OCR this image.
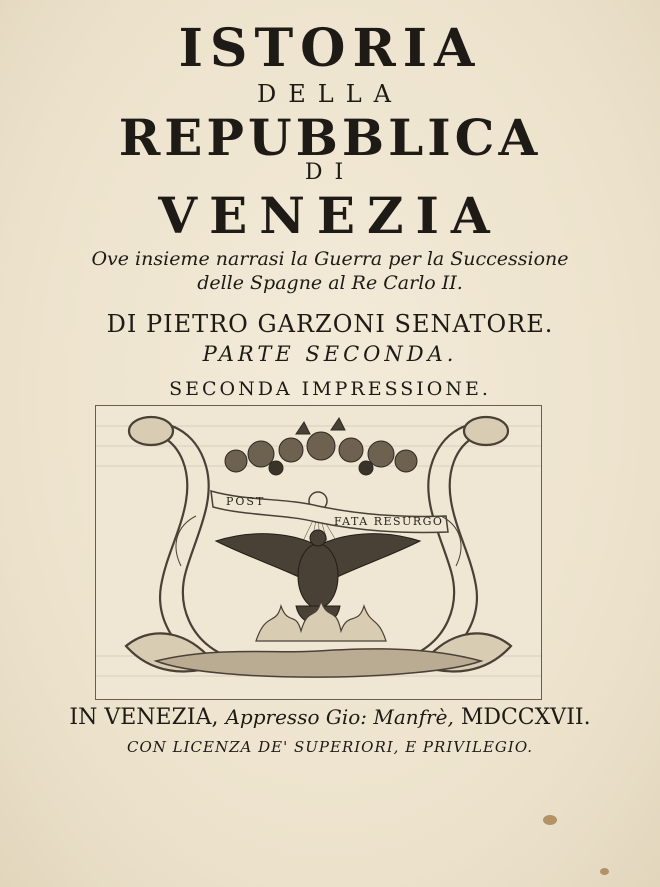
ISTORIA
DELLA
REPUBBLICA
DI
VENEZIA
Ove insieme narrasi la Guerra per la Successione
delle Spagne al Re Carlo II.
DI PIETRO GARZONI SENATORE.
PARTE SECONDA.
SECONDA IMPRESSIONE.
POST
FATA RESURGO
IN VENEZIA, Appresso Gio: Manfrè, MDCCXVII.
CON LICENZA DE' SUPERIORI, E PRIVILEGIO.
